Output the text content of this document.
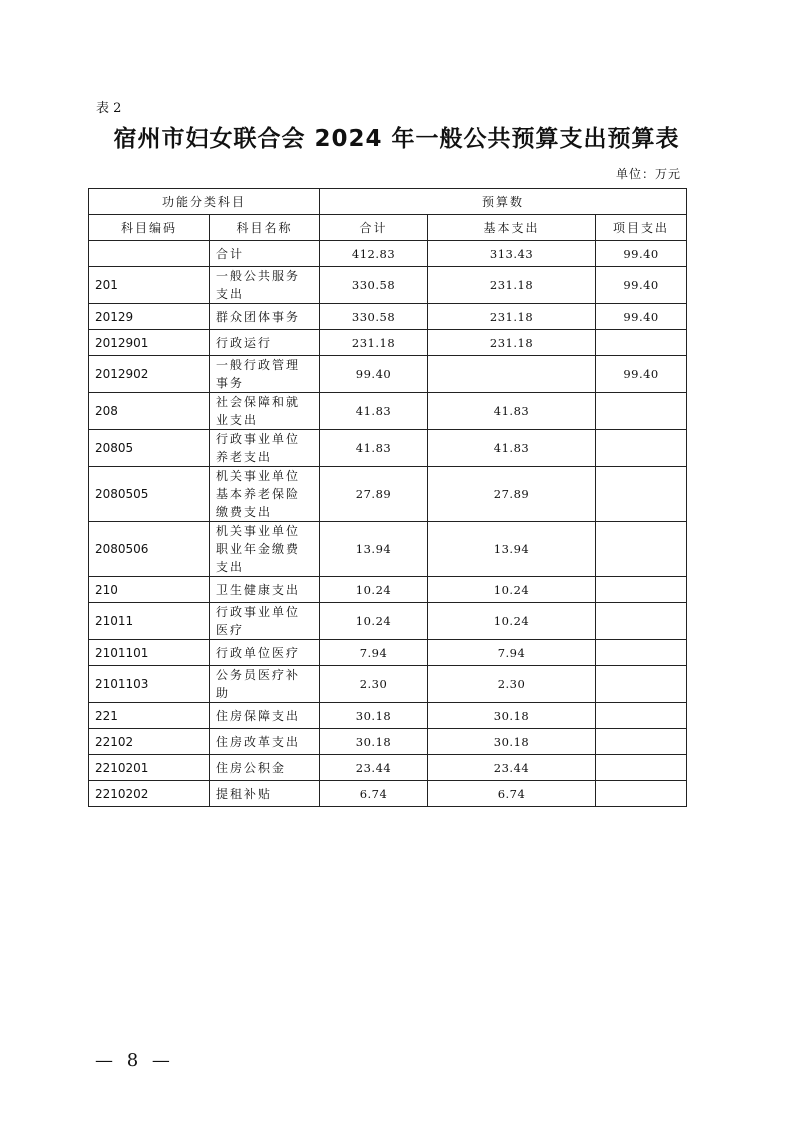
表 2
宿州市妇女联合会 2024 年一般公共预算支出预算表
单位：万元
功能分类科目		预算数		
科目编码	科目名称	合计	基本支出	项目支出
	合计	412.83	313.43	99.40
201	一般公共服务支出	330.58	231.18	99.40
20129	群众团体事务	330.58	231.18	99.40
2012901	行政运行	231.18	231.18	
2012902	一般行政管理事务	99.40		99.40
208	社会保障和就业支出	41.83	41.83	
20805	行政事业单位养老支出	41.83	41.83	
2080505	机关事业单位基本养老保险缴费支出	27.89	27.89	
2080506	机关事业单位职业年金缴费支出	13.94	13.94	
210	卫生健康支出	10.24	10.24	
21011	行政事业单位医疗	10.24	10.24	
2101101	行政单位医疗	7.94	7.94	
2101103	公务员医疗补助	2.30	2.30	
221	住房保障支出	30.18	30.18	
22102	住房改革支出	30.18	30.18	
2210201	住房公积金	23.44	23.44	
2210202	提租补贴	6.74	6.74	
— 8 —
